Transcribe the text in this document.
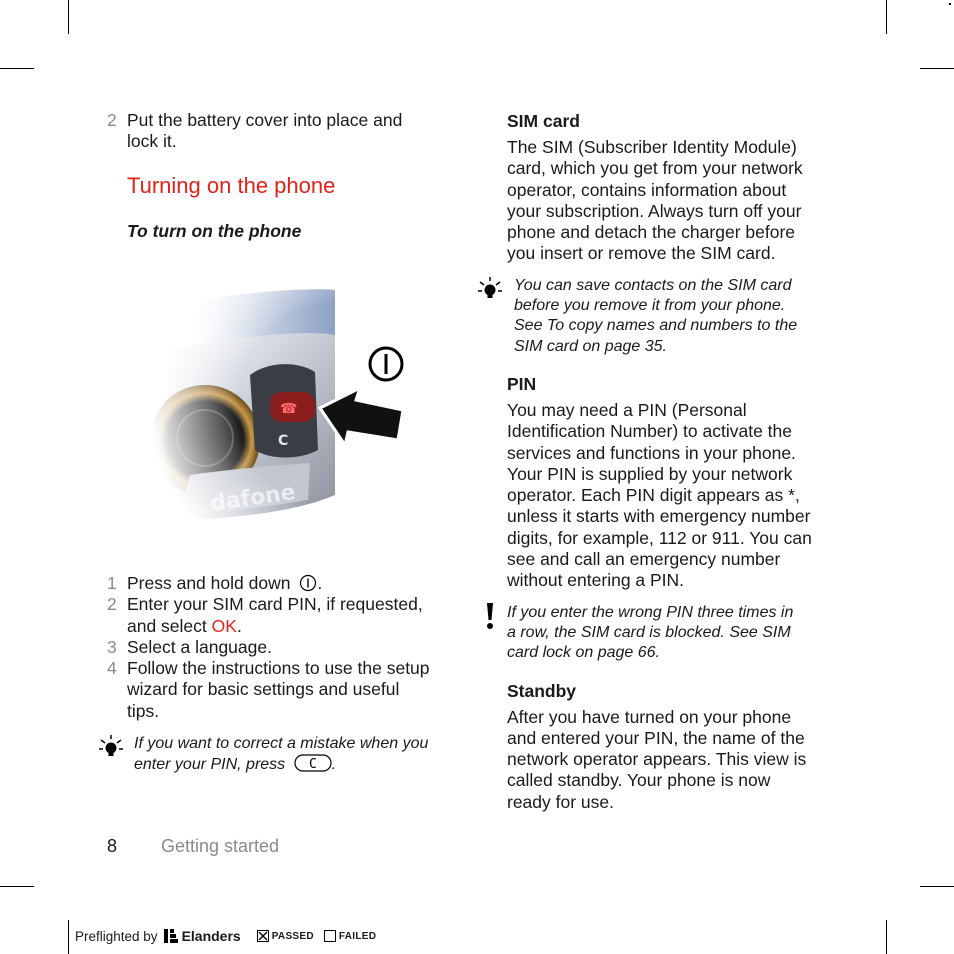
2 Put the battery cover into place and
lock it.
Turning on the phone
To turn on the phone
1 Press and hold down .
2 Enter your SIM card PIN, if requested,
and select OK.
3 Select a language.
4 Follow the instructions to use the setup
wizard for basic settings and useful
tips.
If you want to correct a mistake when you
enter your PIN, press C .
SIM card
The SIM (Subscriber Identity Module)
card, which you get from your network
operator, contains information about
your subscription. Always turn off your
phone and detach the charger before
you insert or remove the SIM card.
You can save contacts on the SIM card
before you remove it from your phone.
See To copy names and numbers to the
SIM card on page 35.
PIN
You may need a PIN (Personal
Identification Number) to activate the
services and functions in your phone.
Your PIN is supplied by your network
operator. Each PIN digit appears as *,
unless it starts with emergency number
digits, for example, 112 or 911. You can
see and call an emergency number
without entering a PIN.
If you enter the wrong PIN three times in
a row, the SIM card is blocked. See SIM
card lock on page 66.
Standby
After you have turned on your phone
and entered your PIN, the name of the
network operator appears. This view is
called standby. Your phone is now
ready for use.
8 Getting started
Preflighted by Elanders	PASSED	FAILED
